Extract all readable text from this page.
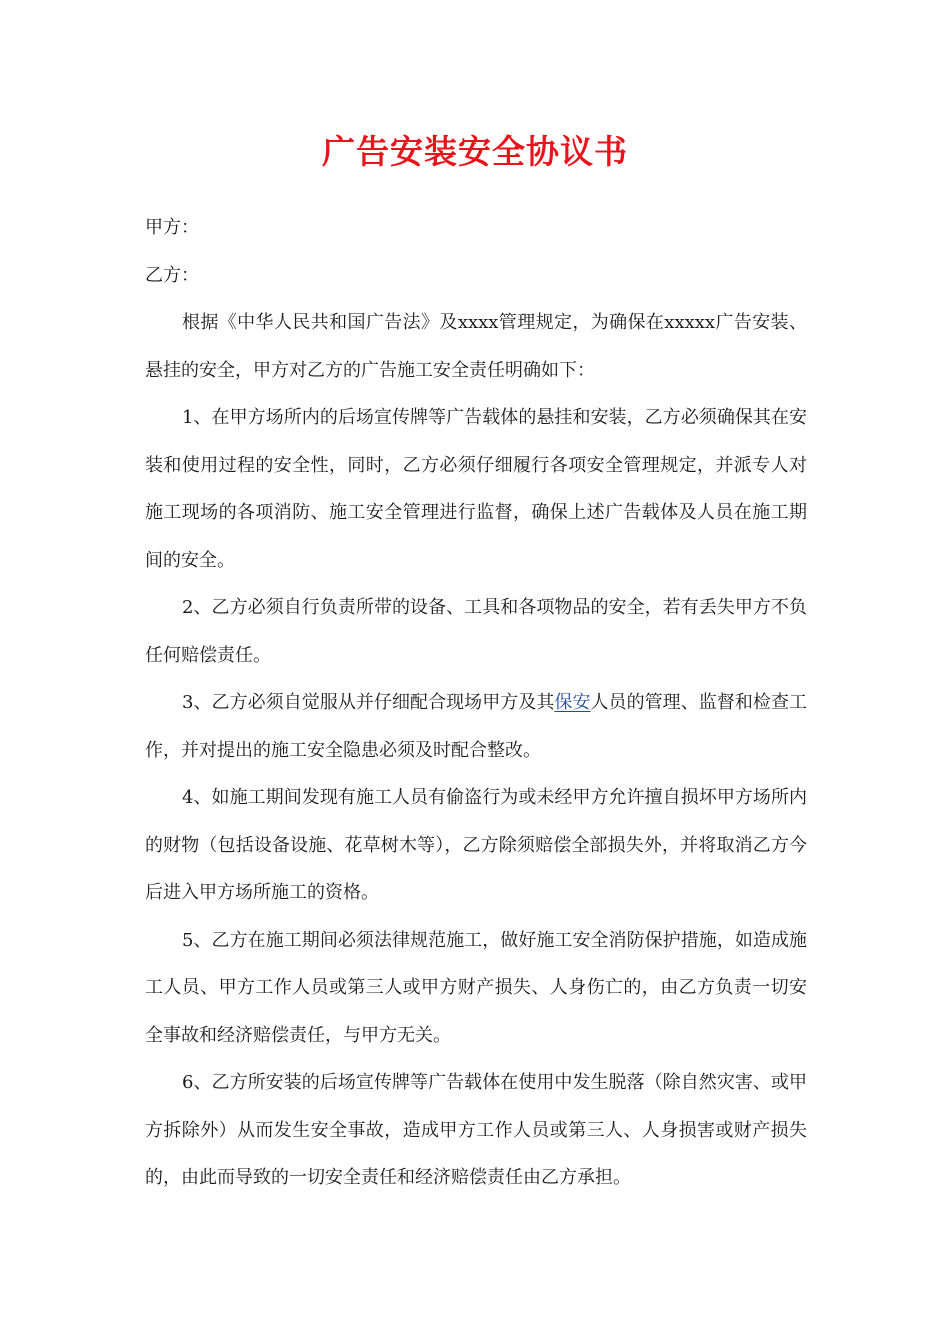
广告安装安全协议书

甲方：

乙方：

根据《中华人民共和国广告法》及xxxx管理规定，为确保在xxxxx广告安装、悬挂的安全，甲方对乙方的广告施工安全责任明确如下：

1、在甲方场所内的后场宣传牌等广告载体的悬挂和安装，乙方必须确保其在安装和使用过程的安全性，同时，乙方必须仔细履行各项安全管理规定，并派专人对施工现场的各项消防、施工安全管理进行监督，确保上述广告载体及人员在施工期间的安全。

2、乙方必须自行负责所带的设备、工具和各项物品的安全，若有丢失甲方不负任何赔偿责任。

3、乙方必须自觉服从并仔细配合现场甲方及其保安人员的管理、监督和检查工作，并对提出的施工安全隐患必须及时配合整改。

4、如施工期间发现有施工人员有偷盗行为或未经甲方允许擅自损坏甲方场所内的财物（包括设备设施、花草树木等），乙方除须赔偿全部损失外，并将取消乙方今后进入甲方场所施工的资格。

5、乙方在施工期间必须法律规范施工，做好施工安全消防保护措施，如造成施工人员、甲方工作人员或第三人或甲方财产损失、人身伤亡的，由乙方负责一切安全事故和经济赔偿责任，与甲方无关。

6、乙方所安装的后场宣传牌等广告载体在使用中发生脱落（除自然灾害、或甲方拆除外）从而发生安全事故，造成甲方工作人员或第三人、人身损害或财产损失的，由此而导致的一切安全责任和经济赔偿责任由乙方承担。
